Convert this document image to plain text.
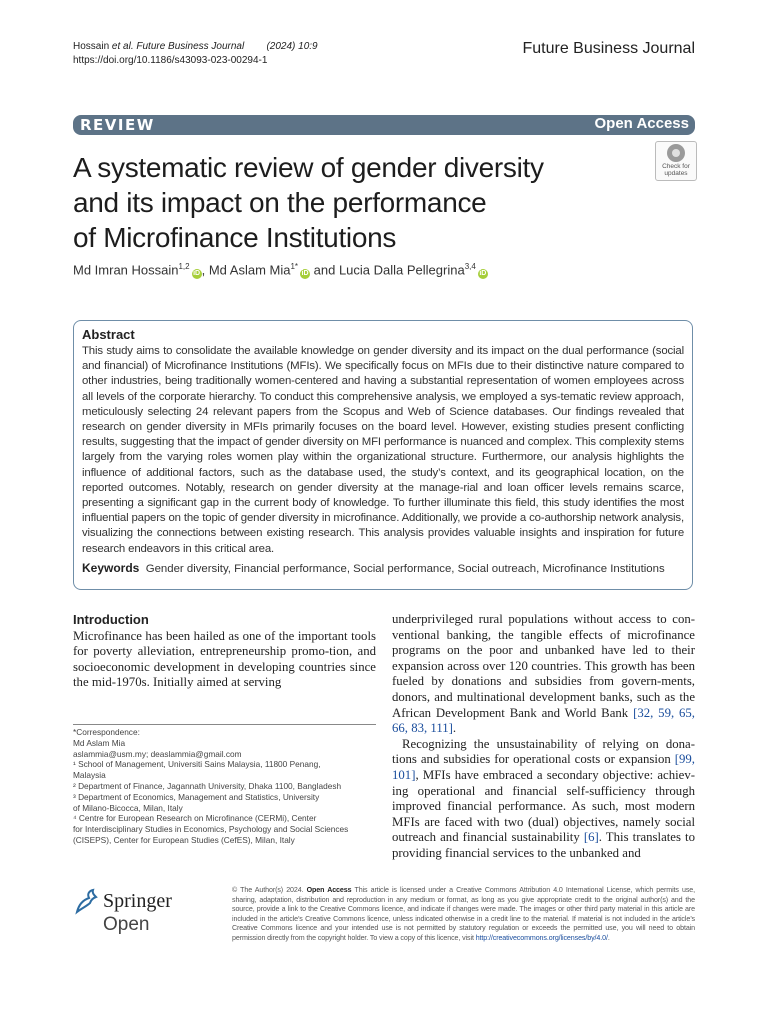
Hossain et al. Future Business Journal (2024) 10:9
https://doi.org/10.1186/s43093-023-00294-1
Future Business Journal
REVIEW	Open Access
Check for
updates
A systematic review of gender diversity
and its impact on the performance
of Microfinance Institutions
Md Imran Hossain$^{1,2}$iD , Md Aslam Mia$^{1*}$iD and Lucia Dalla Pellegrina$^{3,4}$iD
Abstract

This study aims to consolidate the available knowledge on gender diversity and its impact on the dual performance (social and financial) of Microfinance Institutions (MFIs). We specifically focus on MFIs due to their distinctive nature compared to other industries, being traditionally women-centered and having a substantial representation of women employees across all levels of the corporate hierarchy. To conduct this comprehensive analysis, we employed a sys-tematic review approach, meticulously selecting 24 relevant papers from the Scopus and Web of Science databases. Our findings revealed that research on gender diversity in MFIs primarily focuses on the board level. However, existing studies present conflicting results, suggesting that the impact of gender diversity on MFI performance is nuanced and complex. This complexity stems largely from the varying roles women play within the organizational structure. Furthermore, our analysis highlights the influence of additional factors, such as the database used, the study’s context, and its geographical location, on the reported outcomes. Notably, research on gender diversity at the manage-rial and loan officer levels remains scarce, presenting a significant gap in the current body of knowledge. To further illuminate this field, this study identifies the most influential papers on the topic of gender diversity in microfinance. Additionally, we provide a co-authorship network analysis, visualizing the connections between existing research. This analysis provides valuable insights and inspiration for future research endeavors in this critical area.

Keywords Gender diversity, Financial performance, Social performance, Social outreach, Microfinance Institutions
Introduction

Microfinance has been hailed as one of the important tools for poverty alleviation, entrepreneurship promo-tion, and socioeconomic development in developing countries since the mid-1970s. Initially aimed at serving

underprivileged rural populations without access to con-ventional banking, the tangible effects of microfinance programs on the poor and unbanked have led to their expansion across over 120 countries. This growth has been fueled by donations and subsidies from govern-ments, donors, and multinational development banks, such as the African Development Bank and World Bank [32, 59, 65, 66, 83, 111].

Recognizing the unsustainability of relying on dona-tions and subsidies for operational costs or expansion [99, 101], MFIs have embraced a secondary objective: achiev-ing operational and financial self-sufficiency through improved financial performance. As such, most modern MFIs are faced with two (dual) objectives, namely social outreach and financial sustainability [6]. This translates to providing financial services to the unbanked and

*Correspondence:
Md Aslam Mia
aslammia@usm.my; deaslammia@gmail.com
¹ School of Management, Universiti Sains Malaysia, 11800 Penang,
Malaysia
² Department of Finance, Jagannath University, Dhaka 1100, Bangladesh
³ Department of Economics, Management and Statistics, University
of Milano-Bicocca, Milan, Italy
⁴ Centre for European Research on Microfinance (CERMi), Center
for Interdisciplinary Studies in Economics, Psychology and Social Sciences
(CISEPS), Center for European Studies (CefES), Milan, Italy
Springer Open
© The Author(s) 2024. Open Access This article is licensed under a Creative Commons Attribution 4.0 International License, which permits use, sharing, adaptation, distribution and reproduction in any medium or format, as long as you give appropriate credit to the original author(s) and the source, provide a link to the Creative Commons licence, and indicate if changes were made. The images or other third party material in this article are included in the article’s Creative Commons licence, unless indicated otherwise in a credit line to the material. If material is not included in the article’s Creative Commons licence and your intended use is not permitted by statutory regulation or exceeds the permitted use, you will need to obtain permission directly from the copyright holder. To view a copy of this licence, visit http://creativecommons.org/licenses/by/4.0/.
